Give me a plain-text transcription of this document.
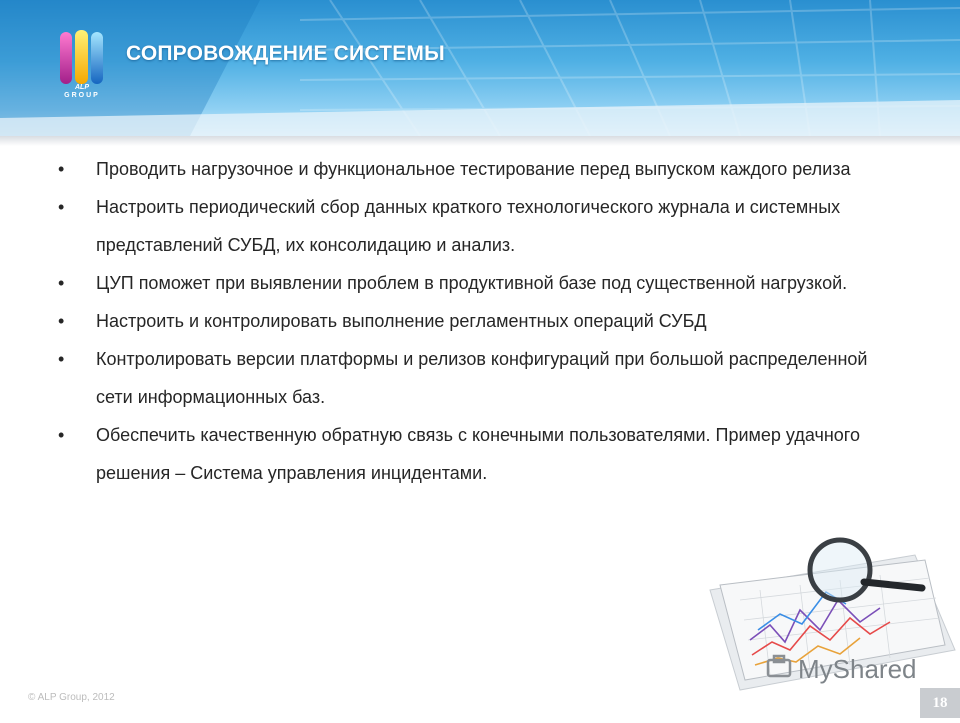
ALP
GROUP
СОПРОВОЖДЕНИЕ СИСТЕМЫ
• Проводить нагрузочное и функциональное тестирование перед выпуском каждого релиза
• Настроить периодический сбор данных краткого технологического журнала и системных представлений СУБД, их консолидацию и анализ.
• ЦУП поможет при выявлении проблем в продуктивной базе под существенной нагрузкой.
• Настроить и контролировать выполнение регламентных операций СУБД
• Контролировать версии платформы и релизов конфигураций при большой распределенной сети информационных баз.
• Обеспечить качественную обратную связь с конечными пользователями. Пример удачного решения – Система управления инцидентами.
MyShared
© ALP Group, 2012	18
